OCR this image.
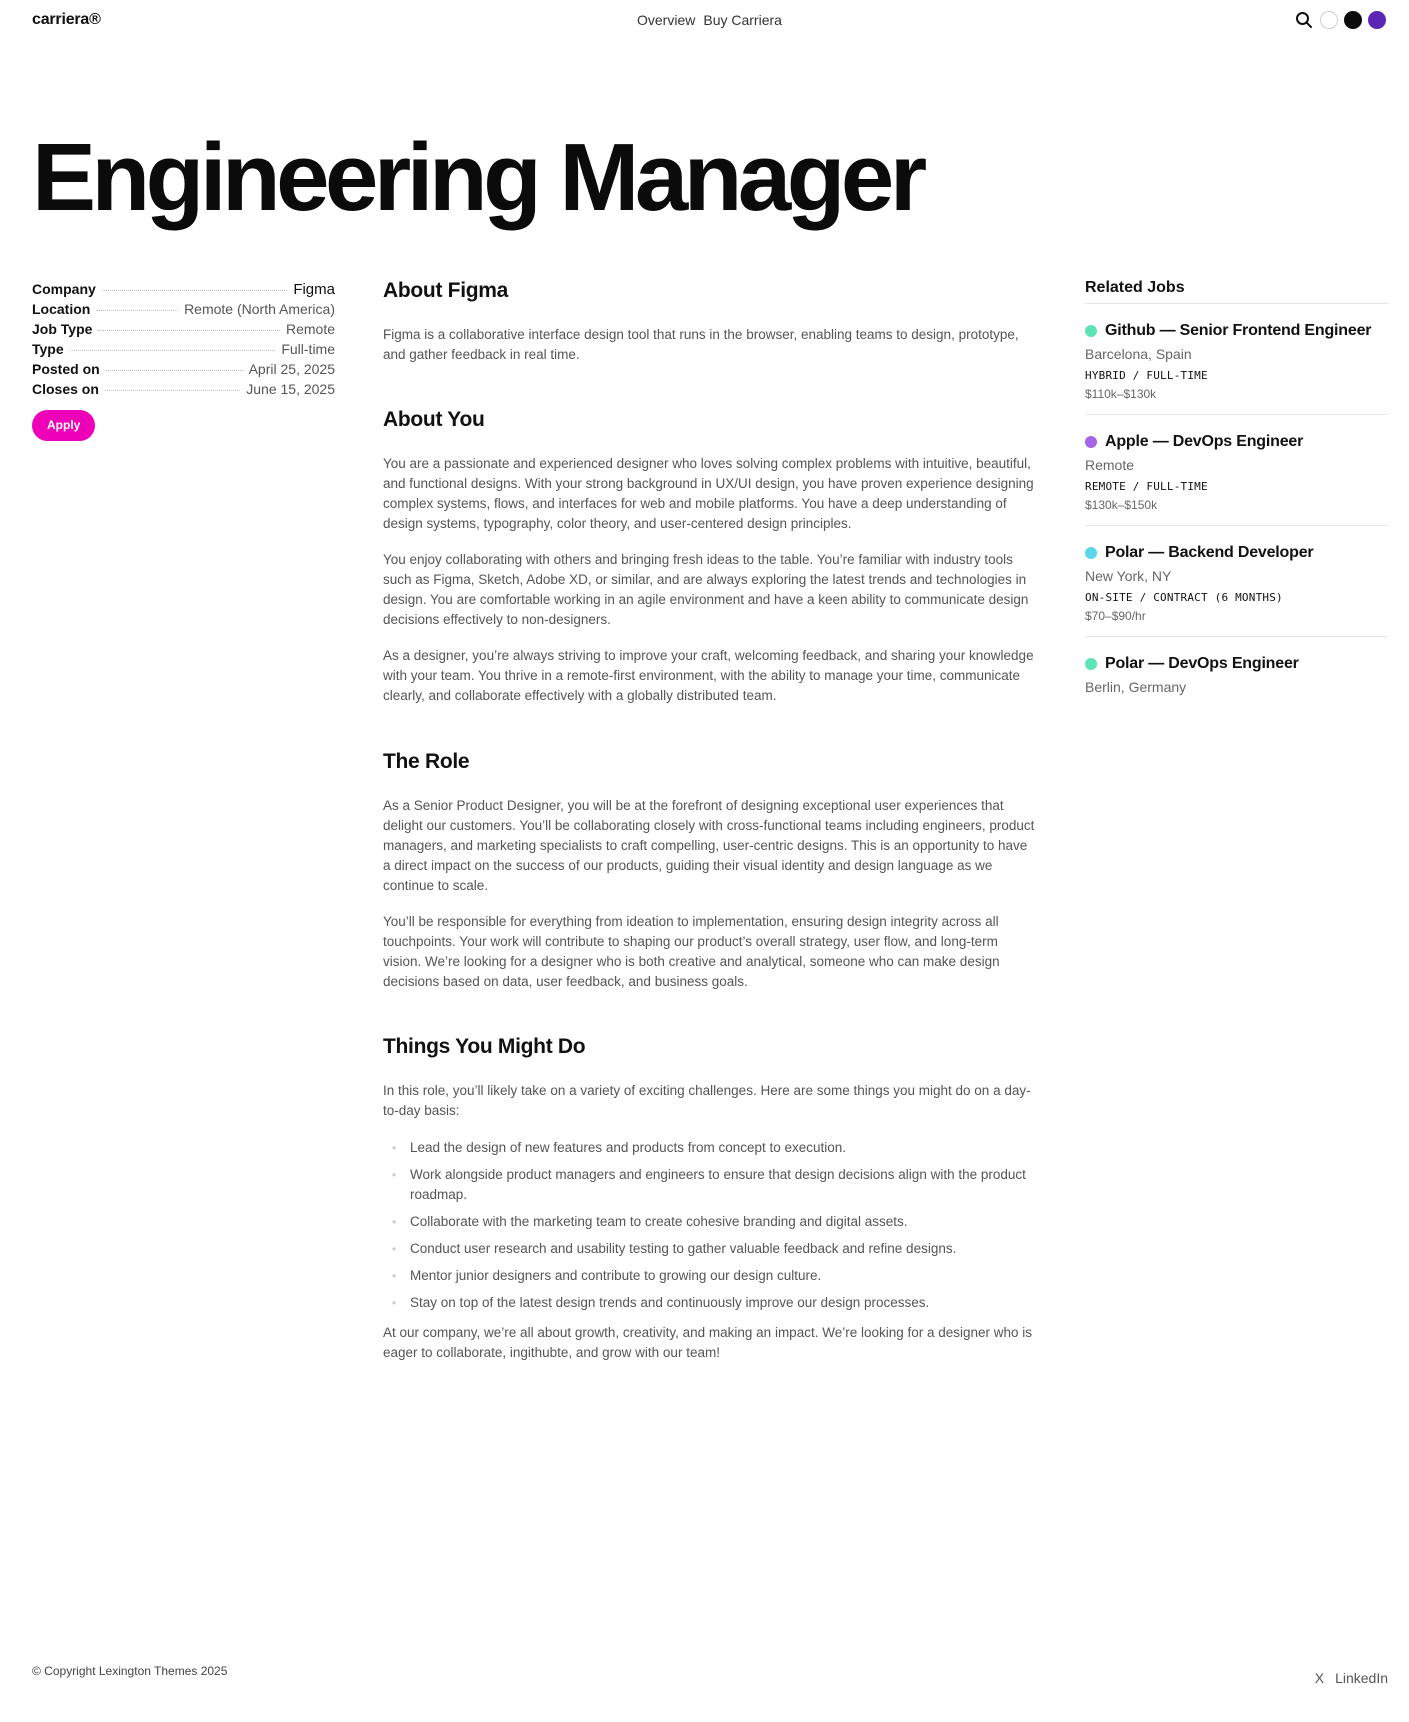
carriera®	Overview Buy Carriera
Engineering Manager
Company	Figma
Location	Remote (North America)
Job Type	Remote
Type	Full-time
Posted on	April 25, 2025
Closes on	June 15, 2025
Apply
About Figma

Figma is a collaborative interface design tool that runs in the browser, enabling teams to design, prototype, and gather feedback in real time.

About You

You are a passionate and experienced designer who loves solving complex problems with intuitive, beautiful, and functional designs. With your strong background in UX/UI design, you have proven experience designing complex systems, flows, and interfaces for web and mobile platforms. You have a deep understanding of design systems, typography, color theory, and user-centered design principles.

You enjoy collaborating with others and bringing fresh ideas to the table. You’re familiar with industry tools such as Figma, Sketch, Adobe XD, or similar, and are always exploring the latest trends and technologies in design. You are comfortable working in an agile environment and have a keen ability to communicate design decisions effectively to non-designers.

As a designer, you’re always striving to improve your craft, welcoming feedback, and sharing your knowledge with your team. You thrive in a remote-first environment, with the ability to manage your time, communicate clearly, and collaborate effectively with a globally distributed team.

The Role

As a Senior Product Designer, you will be at the forefront of designing exceptional user experiences that delight our customers. You’ll be collaborating closely with cross-functional teams including engineers, product managers, and marketing specialists to craft compelling, user-centric designs. This is an opportunity to have a direct impact on the success of our products, guiding their visual identity and design language as we continue to scale.

You’ll be responsible for everything from ideation to implementation, ensuring design integrity across all touchpoints. Your work will contribute to shaping our product’s overall strategy, user flow, and long-term vision. We’re looking for a designer who is both creative and analytical, someone who can make design decisions based on data, user feedback, and business goals.

Things You Might Do

In this role, you’ll likely take on a variety of exciting challenges. Here are some things you might do on a day-to-day basis:

• Lead the design of new features and products from concept to execution.
• Work alongside product managers and engineers to ensure that design decisions align with the product roadmap.
• Collaborate with the marketing team to create cohesive branding and digital assets.
• Conduct user research and usability testing to gather valuable feedback and refine designs.
• Mentor junior designers and contribute to growing our design culture.
• Stay on top of the latest design trends and continuously improve our design processes.

At our company, we’re all about growth, creativity, and making an impact. We’re looking for a designer who is eager to collaborate, ingithubte, and grow with our team!

Related Jobs
Github — Senior Frontend Engineer
Barcelona, Spain
HYBRID / FULL-TIME
$110k–$130k
Apple — DevOps Engineer
Remote
REMOTE / FULL-TIME
$130k–$150k
Polar — Backend Developer
New York, NY
ON-SITE / CONTRACT (6 MONTHS)
$70–$90/hr
Polar — DevOps Engineer
Berlin, Germany
© Copyright Lexington Themes 2025	X LinkedIn
